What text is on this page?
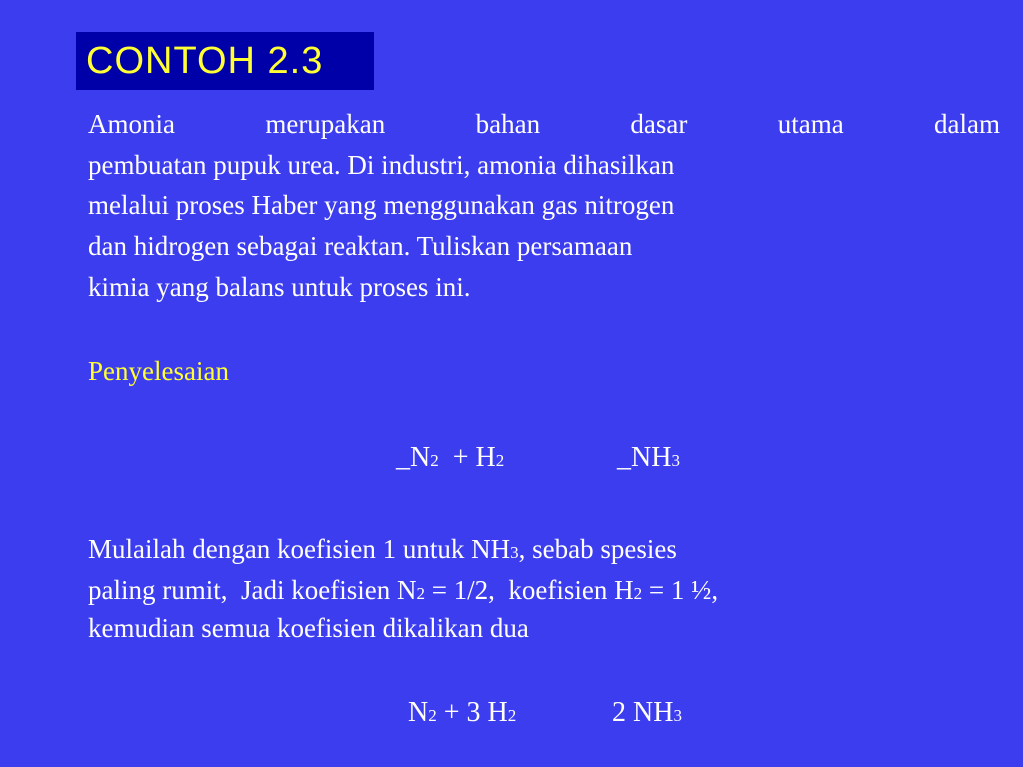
CONTOH 2.3
Amonia	merupakan	bahan	dasar	utama	dalam
pembuatan pupuk urea. Di industri, amonia dihasilkan
melalui proses Haber yang menggunakan gas nitrogen
dan hidrogen sebagai reaktan. Tuliskan persamaan
kimia yang balans untuk proses ini.
Penyelesaian
_N2  + H2	_NH3
Mulailah dengan koefisien 1 untuk NH3, sebab spesies
paling rumit,  Jadi koefisien N2 = 1/2,  koefisien H2 = 1 ½,
kemudian semua koefisien dikalikan dua
N2 + 3 H2	2 NH3
